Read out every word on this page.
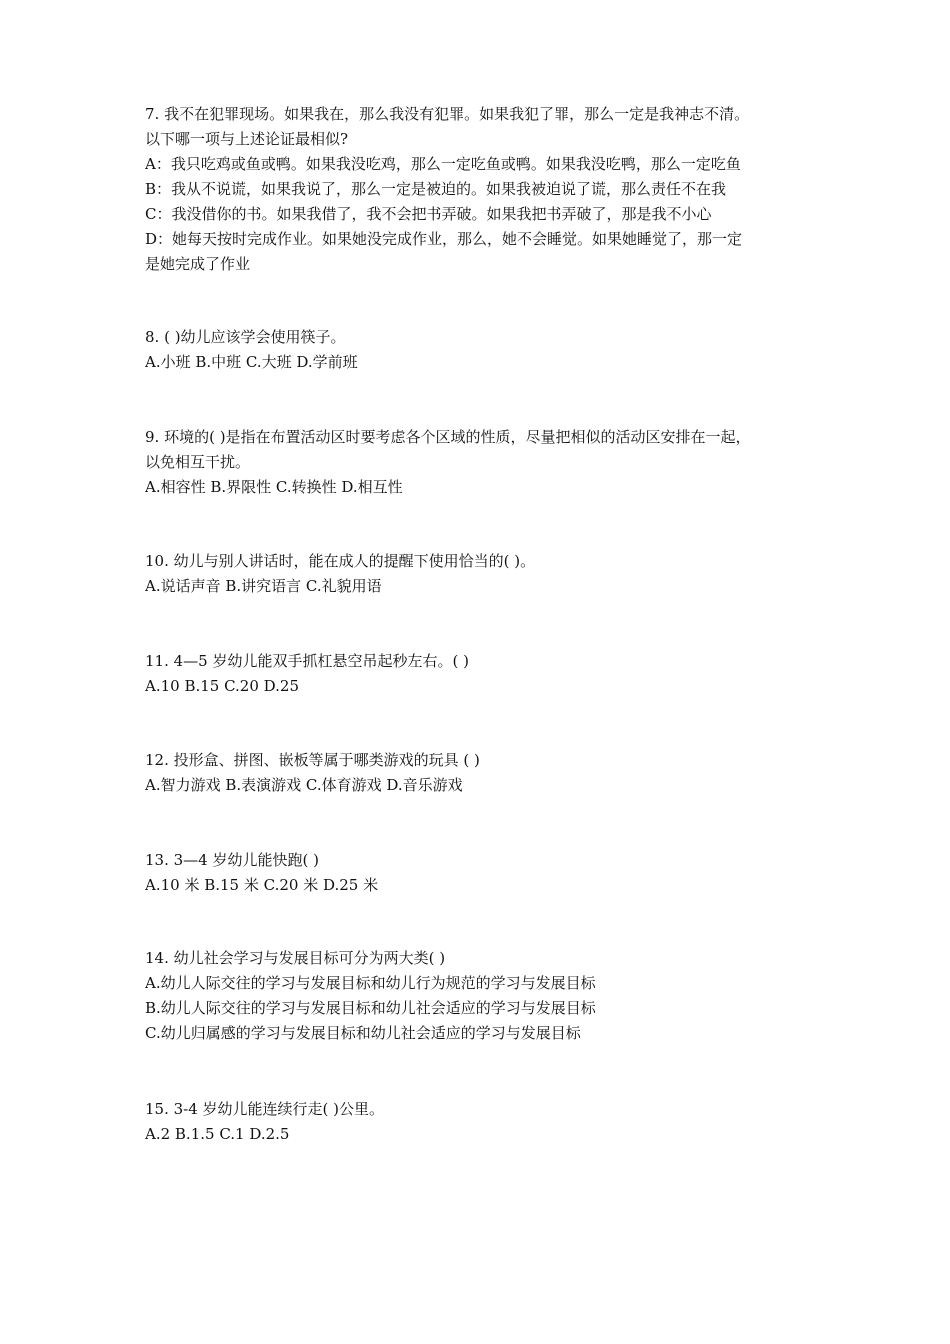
7. 我不在犯罪现场。如果我在，那么我没有犯罪。如果我犯了罪，那么一定是我神志不清。
以下哪一项与上述论证最相似?
A：我只吃鸡或鱼或鸭。如果我没吃鸡，那么一定吃鱼或鸭。如果我没吃鸭，那么一定吃鱼
B：我从不说谎，如果我说了，那么一定是被迫的。如果我被迫说了谎，那么责任不在我
C：我没借你的书。如果我借了，我不会把书弄破。如果我把书弄破了，那是我不小心
D：她每天按时完成作业。如果她没完成作业，那么，她不会睡觉。如果她睡觉了，那一定
是她完成了作业
8. ( )幼儿应该学会使用筷子。
A.小班 B.中班 C.大班 D.学前班
9. 环境的( )是指在布置活动区时要考虑各个区域的性质，尽量把相似的活动区安排在一起，
以免相互干扰。
A.相容性 B.界限性 C.转换性 D.相互性
10. 幼儿与别人讲话时，能在成人的提醒下使用恰当的( )。
A.说话声音 B.讲究语言 C.礼貌用语
11. 4—5 岁幼儿能双手抓杠悬空吊起秒左右。( )
A.10 B.15 C.20 D.25
12. 投形盒、拼图、嵌板等属于哪类游戏的玩具 ( )
A.智力游戏 B.表演游戏 C.体育游戏 D.音乐游戏
13. 3—4 岁幼儿能快跑( )
A.10 米 B.15 米 C.20 米 D.25 米
14. 幼儿社会学习与发展目标可分为两大类( )
A.幼儿人际交往的学习与发展目标和幼儿行为规范的学习与发展目标
B.幼儿人际交往的学习与发展目标和幼儿社会适应的学习与发展目标
C.幼儿归属感的学习与发展目标和幼儿社会适应的学习与发展目标
15. 3-4 岁幼儿能连续行走( )公里。
A.2 B.1.5 C.1 D.2.5
